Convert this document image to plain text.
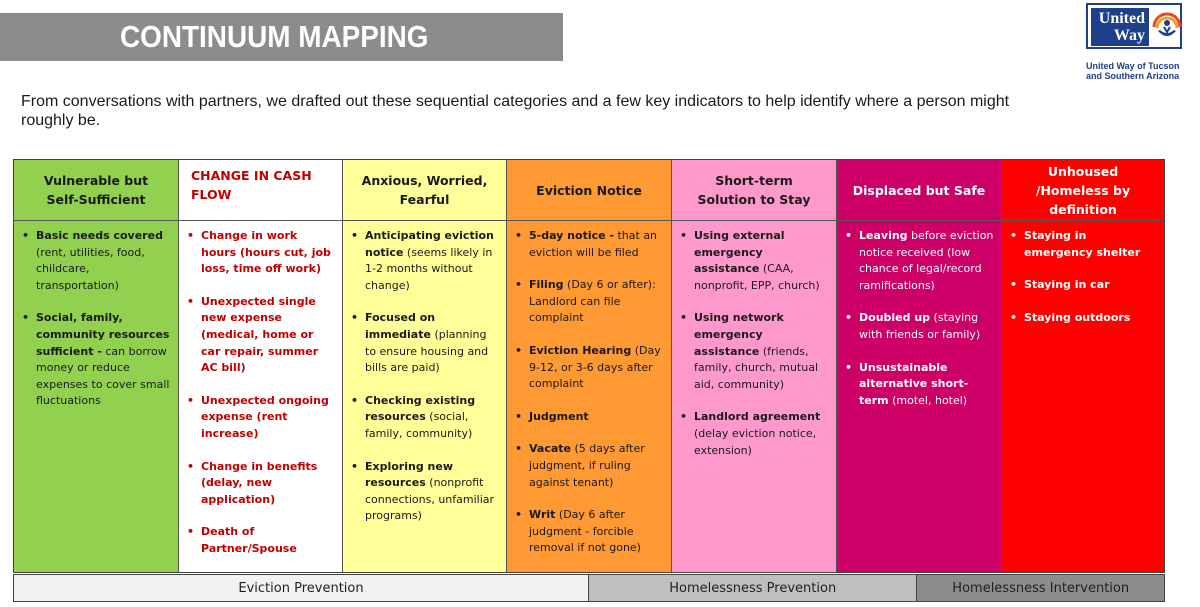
CONTINUUM MAPPING
United
Way
United Way of Tucson
and Southern Arizona
From conversations with partners, we drafted out these sequential categories and a few key indicators to help identify where a person might roughly be.
Vulnerable but Self-Sufficient
• Basic needs covered (rent, utilities, food, childcare, transportation)
• Social, family, community resources sufficient - can borrow money or reduce expenses to cover small fluctuations
CHANGE IN CASH FLOW
• Change in work hours (hours cut, job loss, time off work)
• Unexpected single new expense (medical, home or car repair, summer AC bill)
• Unexpected ongoing expense (rent increase)
• Change in benefits (delay, new application)
• Death of Partner/Spouse
Anxious, Worried, Fearful
• Anticipating eviction notice (seems likely in 1-2 months without change)
• Focused on immediate (planning to ensure housing and bills are paid)
• Checking existing resources (social, family, community)
• Exploring new resources (nonprofit connections, unfamiliar programs)
Eviction Notice
• 5-day notice - that an eviction will be filed
• Filing (Day 6 or after): Landlord can file complaint
• Eviction Hearing (Day 9-12, or 3-6 days after complaint
• Judgment
• Vacate (5 days after judgment, if ruling against tenant)
• Writ (Day 6 after judgment - forcible removal if not gone)
Short-term Solution to Stay
• Using external emergency assistance (CAA, nonprofit, EPP, church)
• Using network emergency assistance (friends, family, church, mutual aid, community)
• Landlord agreement (delay eviction notice, extension)
Displaced but Safe
• Leaving before eviction notice received (low chance of legal/record ramifications)
• Doubled up (staying with friends or family)
• Unsustainable alternative short-term (motel, hotel)
Unhoused /Homeless by definition
• Staying in emergency shelter
• Staying in car
• Staying outdoors
Eviction Prevention	Homelessness Prevention	Homelessness Intervention
